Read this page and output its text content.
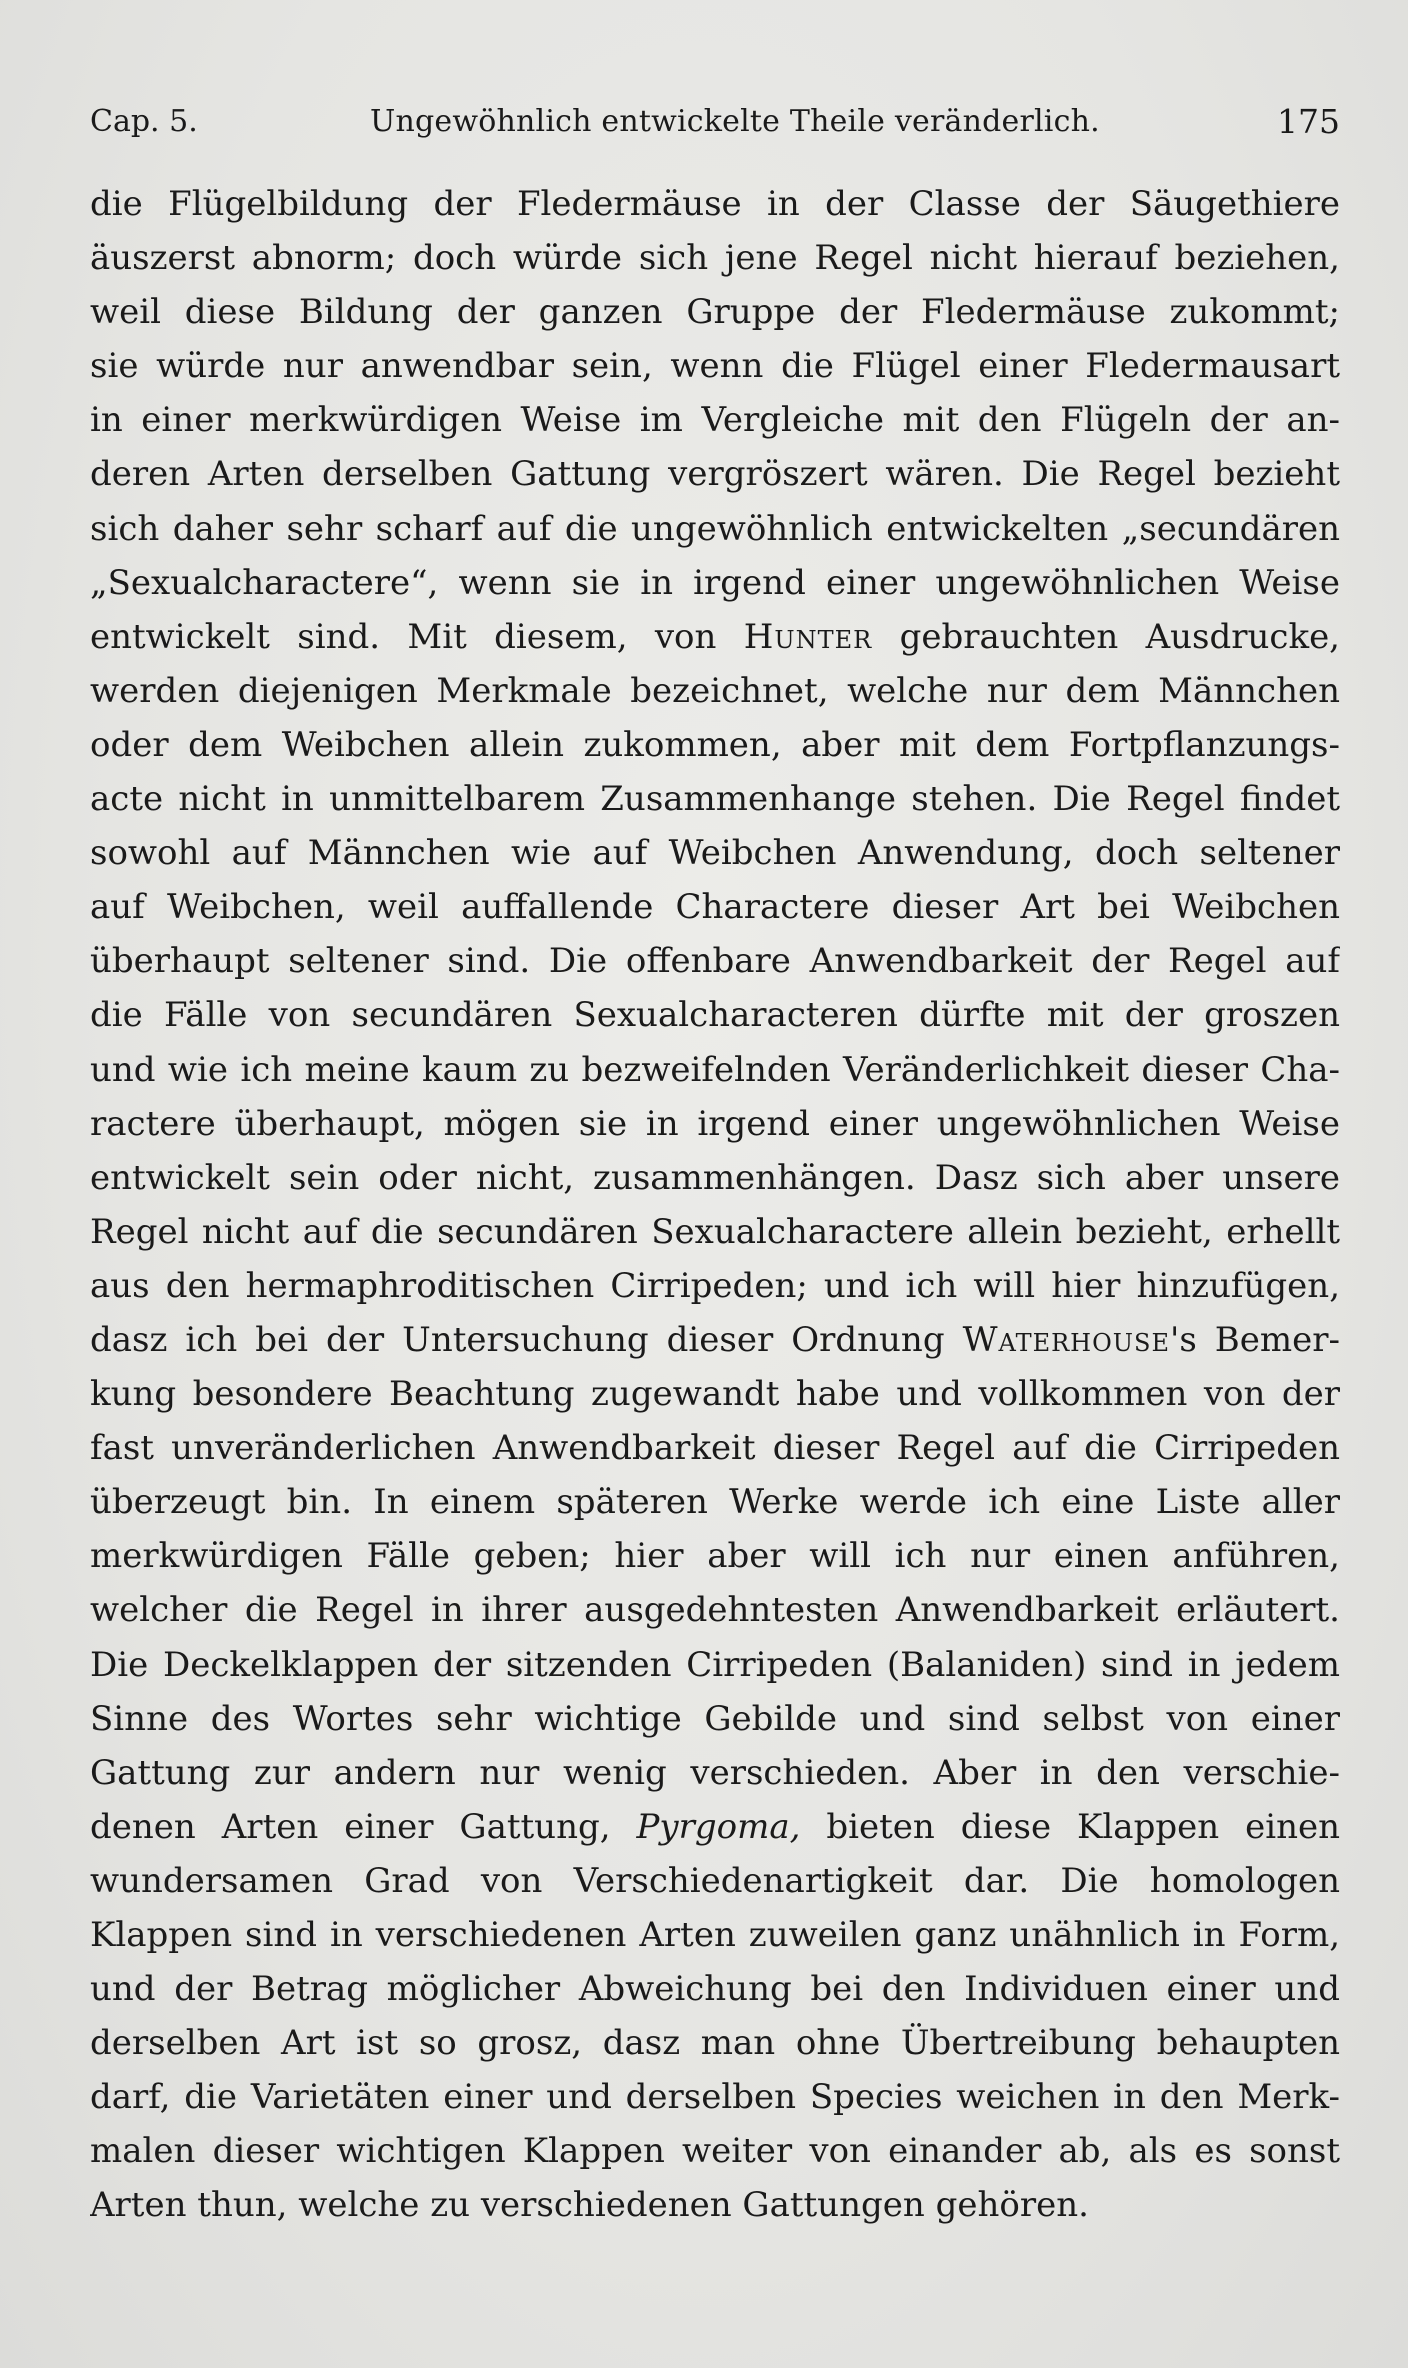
Cap. 5.	Ungewöhnlich entwickelte Theile veränderlich.	175
die Flügelbildung der Fledermäuse in der Classe der Säugethiere
äuszerst abnorm; doch würde sich jene Regel nicht hierauf beziehen,
weil diese Bildung der ganzen Gruppe der Fledermäuse zukommt;
sie würde nur anwendbar sein, wenn die Flügel einer Fledermausart
in einer merkwürdigen Weise im Vergleiche mit den Flügeln der an-
deren Arten derselben Gattung vergröszert wären. Die Regel bezieht
sich daher sehr scharf auf die ungewöhnlich entwickelten „secundären
„Sexualcharactere“, wenn sie in irgend einer ungewöhnlichen Weise
entwickelt sind. Mit diesem, von Hunter gebrauchten Ausdrucke,
werden diejenigen Merkmale bezeichnet, welche nur dem Männchen
oder dem Weibchen allein zukommen, aber mit dem Fortpflanzungs-
acte nicht in unmittelbarem Zusammenhange stehen. Die Regel findet
sowohl auf Männchen wie auf Weibchen Anwendung, doch seltener
auf Weibchen, weil auffallende Charactere dieser Art bei Weibchen
überhaupt seltener sind. Die offenbare Anwendbarkeit der Regel auf
die Fälle von secundären Sexualcharacteren dürfte mit der groszen
und wie ich meine kaum zu bezweifelnden Veränderlichkeit dieser Cha-
ractere überhaupt, mögen sie in irgend einer ungewöhnlichen Weise
entwickelt sein oder nicht, zusammenhängen. Dasz sich aber unsere
Regel nicht auf die secundären Sexualcharactere allein bezieht, erhellt
aus den hermaphroditischen Cirripeden; und ich will hier hinzufügen,
dasz ich bei der Untersuchung dieser Ordnung Waterhouse's Bemer-
kung besondere Beachtung zugewandt habe und vollkommen von der
fast unveränderlichen Anwendbarkeit dieser Regel auf die Cirripeden
überzeugt bin. In einem späteren Werke werde ich eine Liste aller
merkwürdigen Fälle geben; hier aber will ich nur einen anführen,
welcher die Regel in ihrer ausgedehntesten Anwendbarkeit erläutert.
Die Deckelklappen der sitzenden Cirripeden (Balaniden) sind in jedem
Sinne des Wortes sehr wichtige Gebilde und sind selbst von einer
Gattung zur andern nur wenig verschieden. Aber in den verschie-
denen Arten einer Gattung, Pyrgoma, bieten diese Klappen einen
wundersamen Grad von Verschiedenartigkeit dar. Die homologen
Klappen sind in verschiedenen Arten zuweilen ganz unähnlich in Form,
und der Betrag möglicher Abweichung bei den Individuen einer und
derselben Art ist so grosz, dasz man ohne Übertreibung behaupten
darf, die Varietäten einer und derselben Species weichen in den Merk-
malen dieser wichtigen Klappen weiter von einander ab, als es sonst
Arten thun, welche zu verschiedenen Gattungen gehören.
